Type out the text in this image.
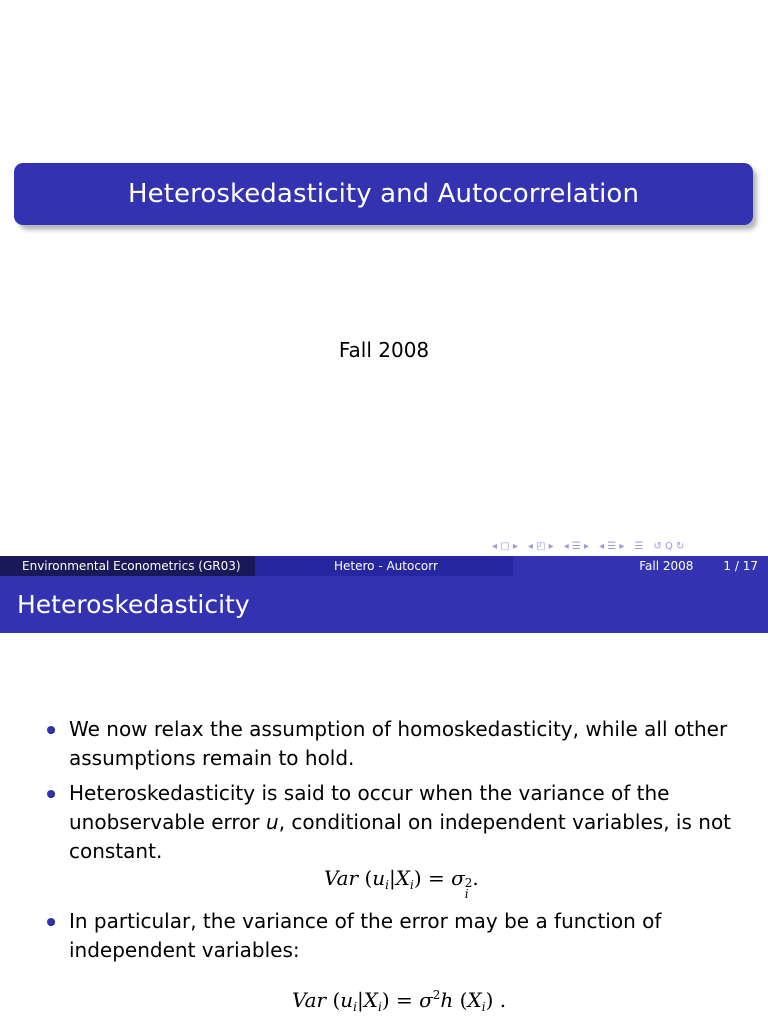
Heteroskedasticity and Autocorrelation
Fall 2008
◂ ▢ ▸ ◂ ◰ ▸ ◂ ☰ ▸ ◂ ☰ ▸ ☰ ↺ Q ↻
Environmental Econometrics (GR03)	Hetero - Autocorr	Fall 2008	1 / 17
Heteroskedasticity
We now relax the assumption of homoskedasticity, while all other
assumptions remain to hold.
Heteroskedasticity is said to occur when the variance of the
unobservable error u, conditional on independent variables, is not
constant.
Var $(u_i|X_i) = \sigma$ 2
i
.
In particular, the variance of the error may be a function of
independent variables:
Var $(u_i|X_i) = \sigma^2h$ $(X_i)$ .
